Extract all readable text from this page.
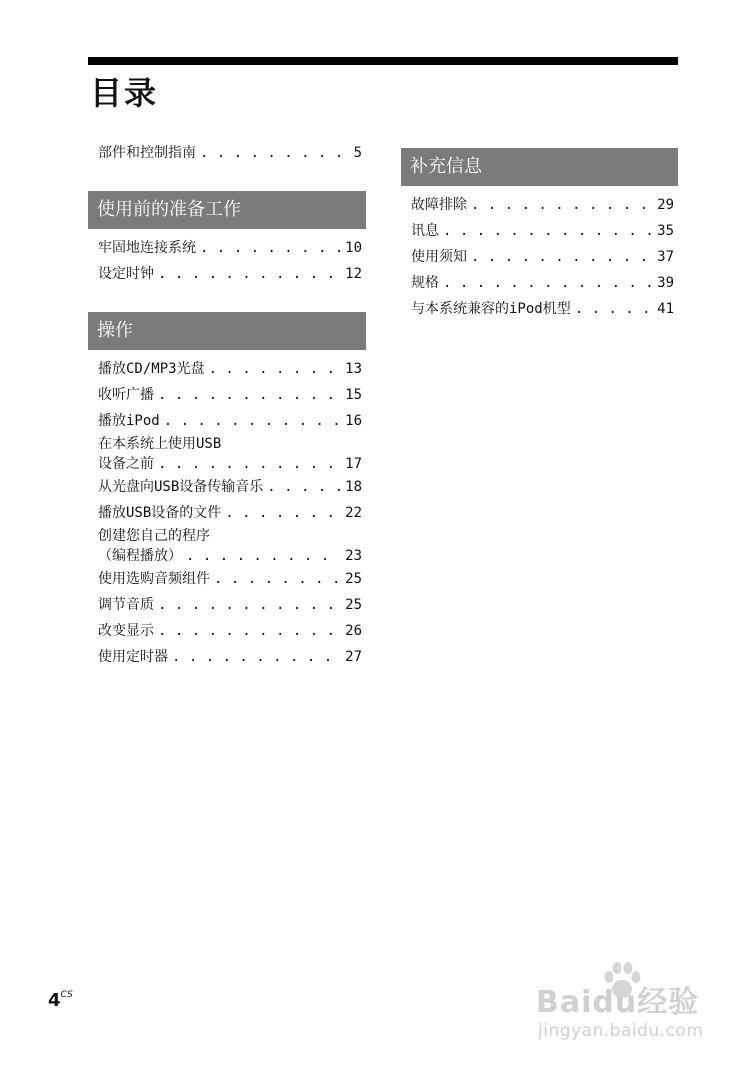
目录
部件和控制指南 . . .	5
使用前的准备工作
牢固地连接系统 . . .	10
设定时钟 . . .	12
操作
播放CD/MP3光盘 . . .	13
收听广播 . . .	15
播放iPod . . .	16
在本系统上使用USB
设备之前 . . .	17
从光盘向USB设备传输音乐 . . .	18
播放USB设备的文件 . . .	22
创建您自己的程序
（编程播放） . . .	23
使用选购音频组件 . . .	25
调节音质 . . .	25
改变显示 . . .	26
使用定时器 . . .	27
补充信息
故障排除 . . .	29
讯息 . . .	35
使用须知 . . .	37
规格 . . .	39
与本系统兼容的iPod机型 . . .	41
$4^{CS}$	Baidu经验
jingyan.baidu.com
